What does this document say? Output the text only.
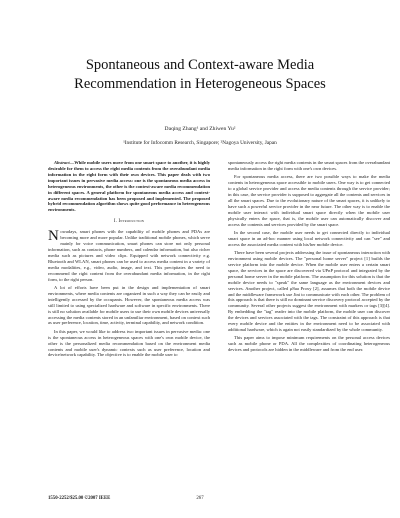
Spontaneous and Context-aware Media
Recommendation in Heterogeneous Spaces
Daqing Zhang¹ and Zhiwen Yu²
¹Institute for Infocomm Research, Singapore; ²Nagoya University, Japan

Abstract—While mobile users move from one smart space to another, it is highly desirable for them to access the right media contents from the overabundant media information in the right form with their own devices. This paper deals with two important issues in pervasive media access: one is the spontaneous media access in heterogeneous environments, the other is the context-aware media recommendation in different spaces. A general platform for spontaneous media access and context-aware media recommendation has been proposed and implemented. The proposed hybrid recommendation algorithm shows quite good performance in heterogeneous environments.

I. Introduction

Nowadays, smart phones with the capability of mobile phones and PDAs are becoming more and more popular. Unlike traditional mobile phones, which serve mainly for voice communication, smart phones can store not only personal information, such as contacts, phone numbers, and calendar information, but also richer media such as pictures and video clips. Equipped with network connectivity e.g. Bluetooth and WLAN, smart phones can be used to access media content in a variety of media modalities, e.g., video, audio, image, and text. This precipitates the need to recommend the right content from the overabundant media information, in the right form, to the right person.

A lot of efforts have been put in the design and implementation of smart environments, where media contents are organized in such a way they can be easily and intelligently accessed by the occupants. However, the spontaneous media access was still limited to using specialized hardware and software in specific environments. There is still no solution available for mobile users to use their own mobile devices universally accessing the media contents stored in an unfamiliar environment, based on context such as user preference, location, time, activity, terminal capability, and network condition.

In this paper, we would like to address two important issues in pervasive media: one is the spontaneous access in heterogeneous spaces with one's own mobile device, the other is the personalized media recommendation based on the environment media contents and mobile user's dynamic contexts such as user preference, location and device/network capability. The objective is to enable the mobile user to

spontaneously access the right media contents in the smart spaces from the overabundant media information in the right form with one's own devices.

For spontaneous media access, there are two possible ways to make the media contents in heterogeneous space accessible to mobile users. One way is to get connected to a global service provider and access the media contents through the service provider; in this case, the service provider is supposed to aggregate all the contents and services in all the smart spaces. Due to the evolutionary nature of the smart spaces, it is unlikely to have such a powerful service provider in the near future. The other way is to enable the mobile user interact with individual smart space directly when the mobile user physically enters the space, that is, the mobile user can automatically discover and access the contents and services provided by the smart space.

In the second case, the mobile user needs to get connected directly to individual smart space in an ad-hoc manner using local network connectivity and can "see" and access the associated media content with his/her mobile device.

There have been several projects addressing the issue of spontaneous interaction with environment using mobile devices. The "personal home server" project [1] builds the service platform into the mobile device. When the mobile user enters a certain smart space, the services in the space are discovered via UPnP protocol and integrated by the personal home server in the mobile platform. The assumption for this solution is that the mobile device needs to "speak" the same language as the environment devices and services. Another project, called μ8ua Proxy [2], assumes that both the mobile device and the middleware framework use Jini to communicate with each other. The problem of this approach is that there is still no dominant service discovery protocol accepted by the community. Several other projects suggest the environment with markers or tags [3][4]. By embedding the "tag" reader into the mobile platform, the mobile user can discover the devices and services associated with the tags. The constraint of this approach is that every mobile device and the entities in the environment need to be associated with additional hardware, which is again not easily standardized by the whole community.

This paper aims to impose minimum requirements on the personal access devices such as mobile phone or PDA. All the complexities of coordinating heterogeneous devices and protocols are hidden in the middleware and from the end user.

1550-2252/$25.00 ©2007 IEEE	267
